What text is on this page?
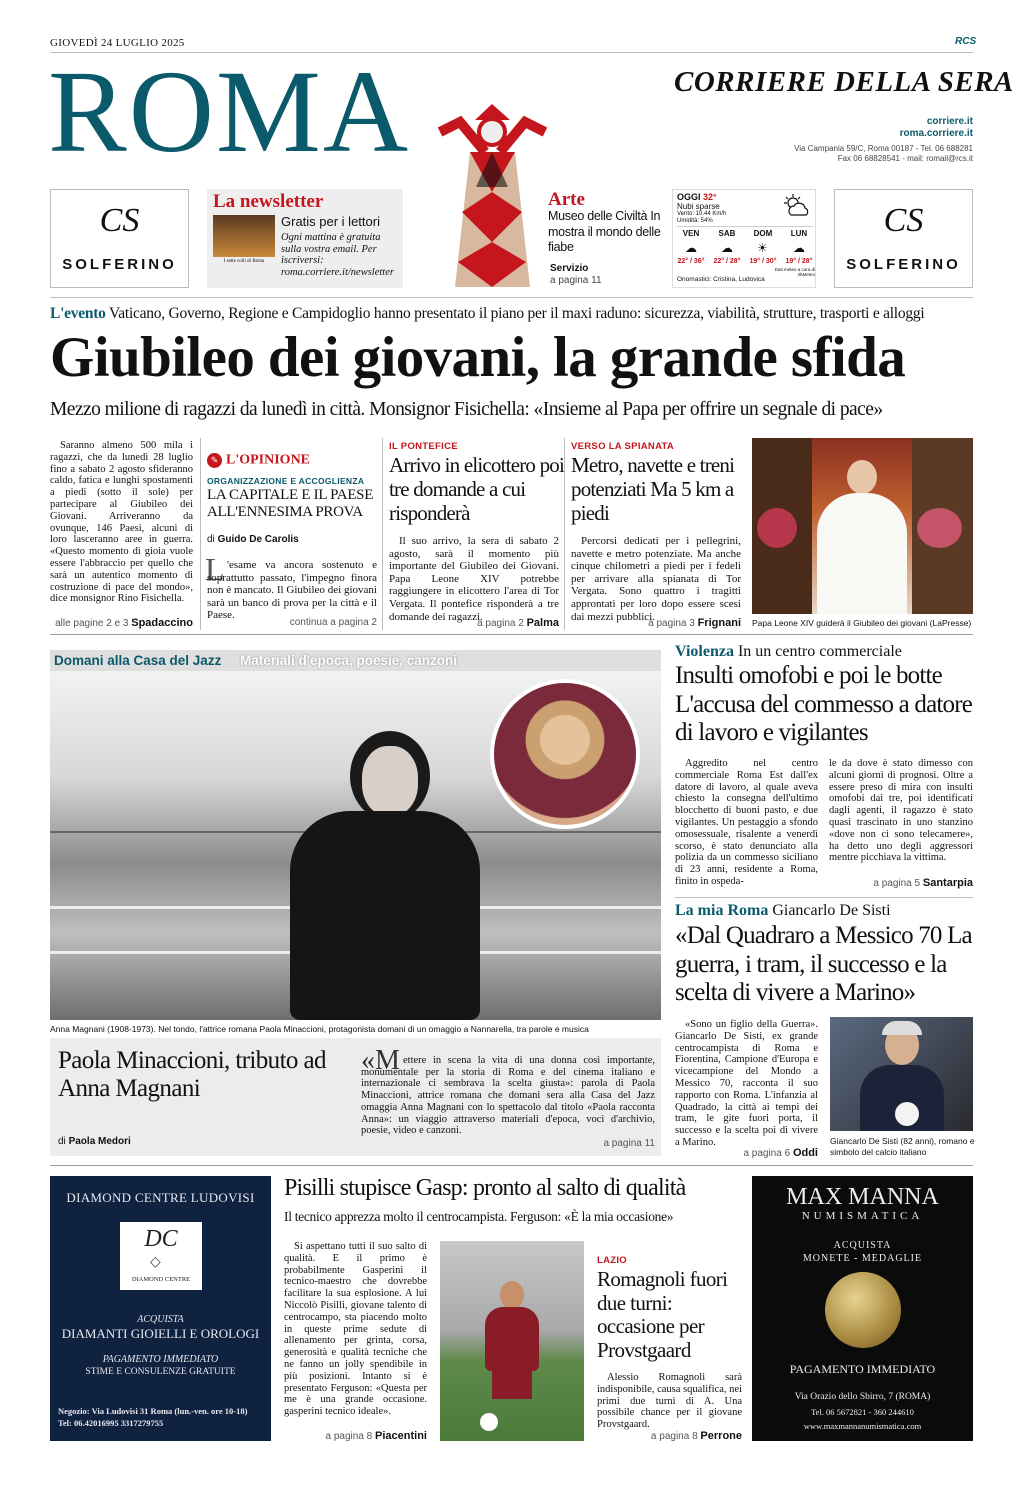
GIOVEDÌ 24 LUGLIO 2025	RCS
ROMA	CORRIERE DELLA SERA
corriere.it
roma.corriere.it
Via Campania 59/C, Roma 00187 - Tel. 06 688281
Fax 06 68828541 - mail: romail@rcs.it
CS
SOLFERINO
La newsletter
Gratis per i lettori
I sette colli di Roma
Ogni mattina è gratuita sulla vostra email. Per iscriversi: roma.corriere.it/newsletter
Arte
Museo delle Civiltà In mostra il mondo delle fiabe
Servizio
a pagina 11
OGGI 32°
Nubi sparse
Vento: 10.44 Km/h
Umidità: 54%
VEN	SAB	DOM	LUN
☁ ☁ ☀ ☁
22° / 36°	22° / 28°	19° / 30°	19° / 28°
Dati meteo a cura di 3bMeteo
Onomastici: Cristina, Ludovica
CS
SOLFERINO
L'evento Vaticano, Governo, Regione e Campidoglio hanno presentato il piano per il maxi raduno: sicurezza, viabilità, strutture, trasporti e alloggi
Giubileo dei giovani, la grande sfida
Mezzo milione di ragazzi da lunedì in città. Monsignor Fisichella: «Insieme al Papa per offrire un segnale di pace»
Saranno almeno 500 mila i ragazzi, che da lunedì 28 luglio fino a sabato 2 agosto sfideranno caldo, fatica e lunghi spostamenti a piedi (sotto il sole) per partecipare al Giubileo dei Giovani. Arriveranno da ovunque, 146 Paesi, alcuni di loro lasceranno aree in guerra. «Questo momento di gioia vuole essere l'abbraccio per quello che sarà un autentico momento di costruzione di pace del mondo», dice monsignor Rino Fisichella.
alle pagine 2 e 3 Spadaccino
✎ L'OPINIONE
ORGANIZZAZIONE E ACCOGLIENZA
LA CAPITALE E IL PAESE ALL'ENNESIMA PROVA
di Guido De Carolis
L 'esame va ancora sostenuto e soprattutto passato, l'impegno finora non è mancato. Il Giubileo dei giovani sarà un banco di prova per la città e il Paese.
continua a pagina 2
IL PONTEFICE
Arrivo in elicottero poi tre domande a cui risponderà
Il suo arrivo, la sera di sabato 2 agosto, sarà il momento più importante del Giubileo dei Giovani. Papa Leone XIV potrebbe raggiungere in elicottero l'area di Tor Vergata. Il pontefice risponderà a tre domande dei ragazzi.
a pagina 2 Palma
VERSO LA SPIANATA
Metro, navette e treni potenziati Ma 5 km a piedi
Percorsi dedicati per i pellegrini, navette e metro potenziate. Ma anche cinque chilometri a piedi per i fedeli per arrivare alla spianata di Tor Vergata. Sono quattro i tragitti approntati per loro dopo essere scesi dai mezzi pubblici.
a pagina 3 Frignani Papa Leone XIV guiderà il Giubileo dei giovani (LaPresse)
Domani alla Casa del Jazz Materiali d'epoca, poesie, canzoni
Anna Magnani (1908-1973). Nel tondo, l'attrice romana Paola Minaccioni, protagonista domani di un omaggio a Nannarella, tra parole e musica
Paola Minaccioni, tributo ad Anna Magnani
di Paola Medori
«M ettere in scena la vita di una donna così importante, monumentale per la storia di Roma e del cinema italiano e internazionale ci sembrava la scelta giusta»: parola di Paola Minaccioni, attrice romana che domani sera alla Casa del Jazz omaggia Anna Magnani con lo spettacolo dal titolo «Paola racconta Anna»: un viaggio attraverso materiali d'epoca, voci d'archivio, poesie, video e canzoni.
a pagina 11
Violenza In un centro commerciale
Insulti omofobi e poi le botte L'accusa del commesso a datore di lavoro e vigilantes
Aggredito nel centro commerciale Roma Est dall'ex datore di lavoro, al quale aveva chiesto la consegna dell'ultimo blocchetto di buoni pasto, e due vigilantes. Un pestaggio a sfondo omosessuale, risalente a venerdì scorso, è stato denunciato alla polizia da un commesso siciliano di 23 anni, residente a Roma, finito in ospeda-
le da dove è stato dimesso con alcuni giorni di prognosi. Oltre a essere preso di mira con insulti omofobi dai tre, poi identificati dagli agenti, il ragazzo è stato quasi trascinato in uno stanzino «dove non ci sono telecamere», ha detto uno degli aggressori mentre picchiava la vittima.
a pagina 5 Santarpia
La mia Roma Giancarlo De Sisti
«Dal Quadraro a Messico 70 La guerra, i tram, il successo e la scelta di vivere a Marino»
«Sono un figlio della Guerra». Giancarlo De Sisti, ex grande centrocampista di Roma e Fiorentina, Campione d'Europa e vicecampione del Mondo a Messico 70, racconta il suo rapporto con Roma. L'infanzia al Quadrado, la città ai tempi dei tram, le gite fuori porta, il successo e la scelta poi di vivere a Marino.
a pagina 6 Oddi
Giancarlo De Sisti (82 anni), romano e simbolo del calcio italiano
DIAMOND CENTRE LUDOVISI
DC
◇
DIAMOND CENTRE
ACQUISTA
DIAMANTI GIOIELLI E OROLOGI
PAGAMENTO IMMEDIATO
STIME E CONSULENZE GRATUITE
Negozio: Via Ludovisi 31 Roma (lun.-ven. ore 10-18)
Tel: 06.42016995 3317279755
Pisilli stupisce Gasp: pronto al salto di qualità
Il tecnico apprezza molto il centrocampista. Ferguson: «È la mia occasione»
Si aspettano tutti il suo salto di qualità. E il primo è probabilmente Gasperini il tecnico-maestro che dovrebbe facilitare la sua esplosione. A lui Niccolò Pisilli, giovane talento di centrocampo, sta piacendo molto in queste prime sedute di allenamento per grinta, corsa, generosità e qualità tecniche che ne fanno un jolly spendibile in più posizioni. Intanto si è presentato Ferguson: «Questa per me è una grande occasione. gasperini tecnico ideale».
a pagina 8 Piacentini
LAZIO
Romagnoli fuori due turni: occasione per Provstgaard
Alessio Romagnoli sarà indisponibile, causa squalifica, nei primi due turni di A. Una possibile chance per il giovane Provstgaard.
a pagina 8 Perrone
MAX MANNA
NUMISMATICA
ACQUISTA
MONETE - MEDAGLIE
PAGAMENTO IMMEDIATO
Via Orazio dello Sbirro, 7 (ROMA)
Tel. 06 5672821 - 360 244610
www.maxmannanumismatica.com
